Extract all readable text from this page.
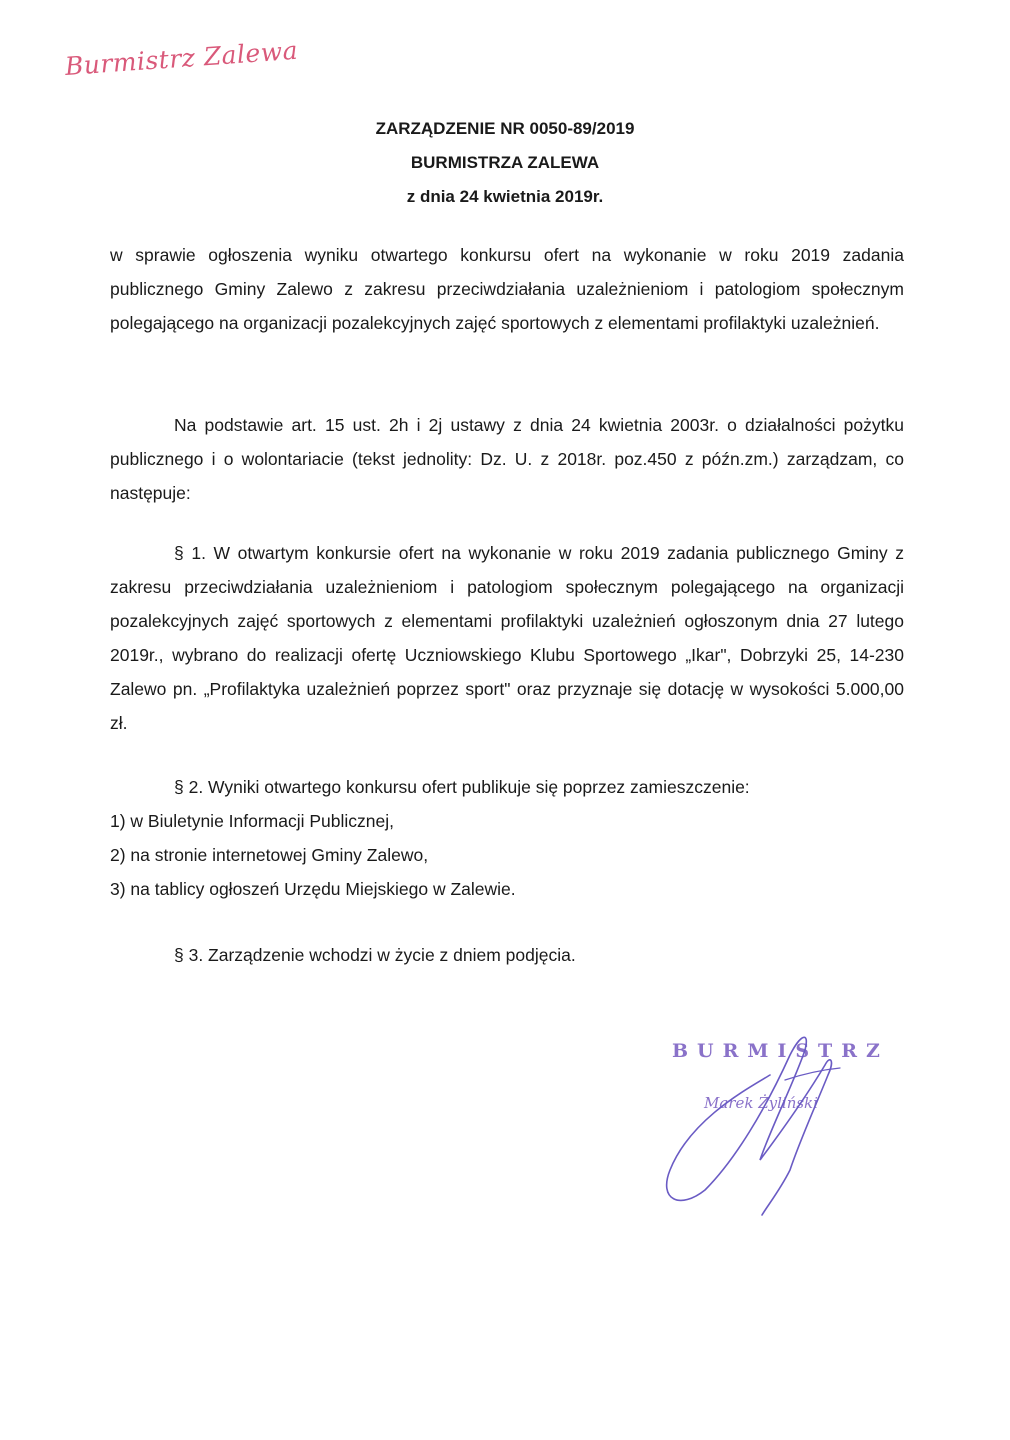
Burmistrz Zalewa
ZARZĄDZENIE NR 0050-89/2019
BURMISTRZA ZALEWA
z dnia 24 kwietnia 2019r.
w sprawie ogłoszenia wyniku otwartego konkursu ofert na wykonanie w roku 2019 zadania publicznego Gminy Zalewo z zakresu przeciwdziałania uzależnieniom i patologiom społecznym polegającego na organizacji pozalekcyjnych zajęć sportowych z elementami profilaktyki uzależnień.
Na podstawie art. 15 ust. 2h i 2j ustawy z dnia 24 kwietnia 2003r. o działalności pożytku publicznego i o wolontariacie (tekst jednolity: Dz. U. z 2018r. poz.450 z późn.zm.) zarządzam, co następuje:
§ 1. W otwartym konkursie ofert na wykonanie w roku 2019 zadania publicznego Gminy z zakresu przeciwdziałania uzależnieniom i patologiom społecznym polegającego na organizacji pozalekcyjnych zajęć sportowych z elementami profilaktyki uzależnień ogłoszonym dnia 27 lutego 2019r., wybrano do realizacji ofertę Uczniowskiego Klubu Sportowego „Ikar", Dobrzyki 25, 14-230 Zalewo pn. „Profilaktyka uzależnień poprzez sport" oraz przyznaje się dotację w wysokości 5.000,00 zł.
§ 2. Wyniki otwartego konkursu ofert publikuje się poprzez zamieszczenie:
1) w Biuletynie Informacji Publicznej,
2) na stronie internetowej Gminy Zalewo,
3) na tablicy ogłoszeń Urzędu Miejskiego w Zalewie.
§ 3. Zarządzenie wchodzi w życie z dniem podjęcia.
BURMISTRZ
Marek Żyliński
